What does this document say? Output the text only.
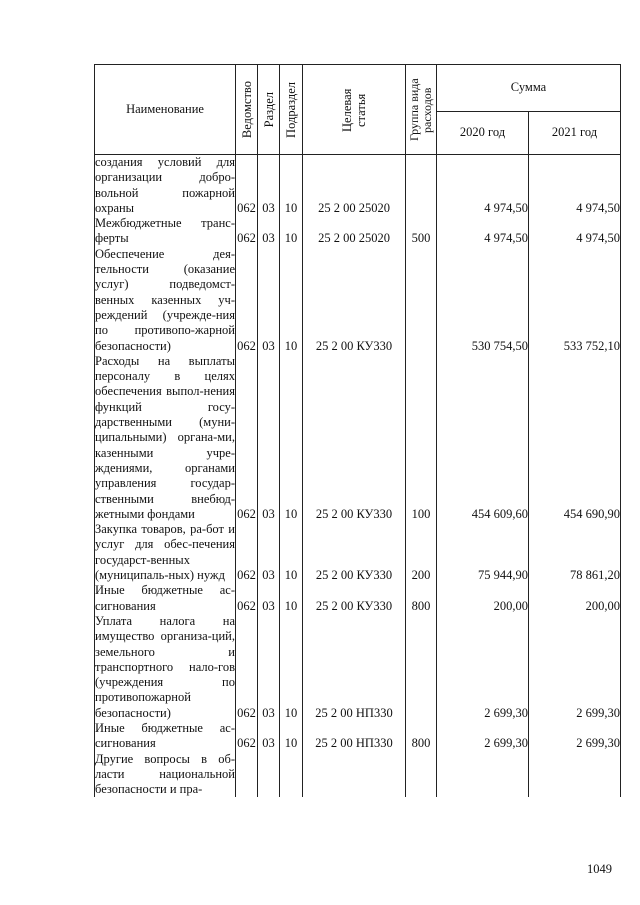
Наименование	Ведомство	Раздел	Подраздел	Целевая статья	Группа вида расходов	Сумма	
						2020 год	2021 год
создания условий для организации добро-вольной пожарной охраны	062	03	10	25 2 00 25020		4 974,50	4 974,50
Межбюджетные транс-ферты	062	03	10	25 2 00 25020	500	4 974,50	4 974,50
Обеспечение дея-тельности (оказание услуг) подведомст-венных казенных уч-реждений (учрежде-ния по противопо-жарной безопасности)	062	03	10	25 2 00 КУ330		530 754,50	533 752,10
Расходы на выплаты персоналу в целях обеспечения выпол-нения функций госу-дарственными (муни-ципальными) органа-ми, казенными учре-ждениями, органами управления государ-ственными внебюд-жетными фондами	062	03	10	25 2 00 КУ330	100	454 609,60	454 690,90
Закупка товаров, ра-бот и услуг для обес-печения государст-венных (муниципаль-ных) нужд	062	03	10	25 2 00 КУ330	200	75 944,90	78 861,20
Иные бюджетные ас-сигнования	062	03	10	25 2 00 КУ330	800	200,00	200,00
Уплата налога на имущество организа-ций, земельного и транспортного нало-гов (учреждения по противопожарной безопасности)	062	03	10	25 2 00 НП330		2 699,30	2 699,30
Иные бюджетные ас-сигнования	062	03	10	25 2 00 НП330	800	2 699,30	2 699,30
Другие вопросы в об-ласти национальной безопасности и пра-							
1049
